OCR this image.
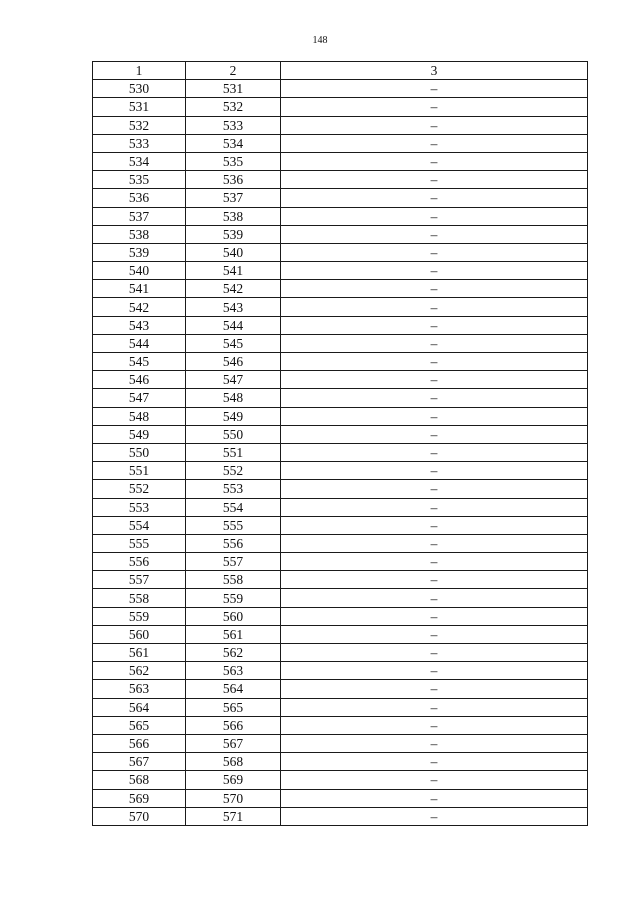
148
1	2	3
530	531	–
531	532	–
532	533	–
533	534	–
534	535	–
535	536	–
536	537	–
537	538	–
538	539	–
539	540	–
540	541	–
541	542	–
542	543	–
543	544	–
544	545	–
545	546	–
546	547	–
547	548	–
548	549	–
549	550	–
550	551	–
551	552	–
552	553	–
553	554	–
554	555	–
555	556	–
556	557	–
557	558	–
558	559	–
559	560	–
560	561	–
561	562	–
562	563	–
563	564	–
564	565	–
565	566	–
566	567	–
567	568	–
568	569	–
569	570	–
570	571	–
